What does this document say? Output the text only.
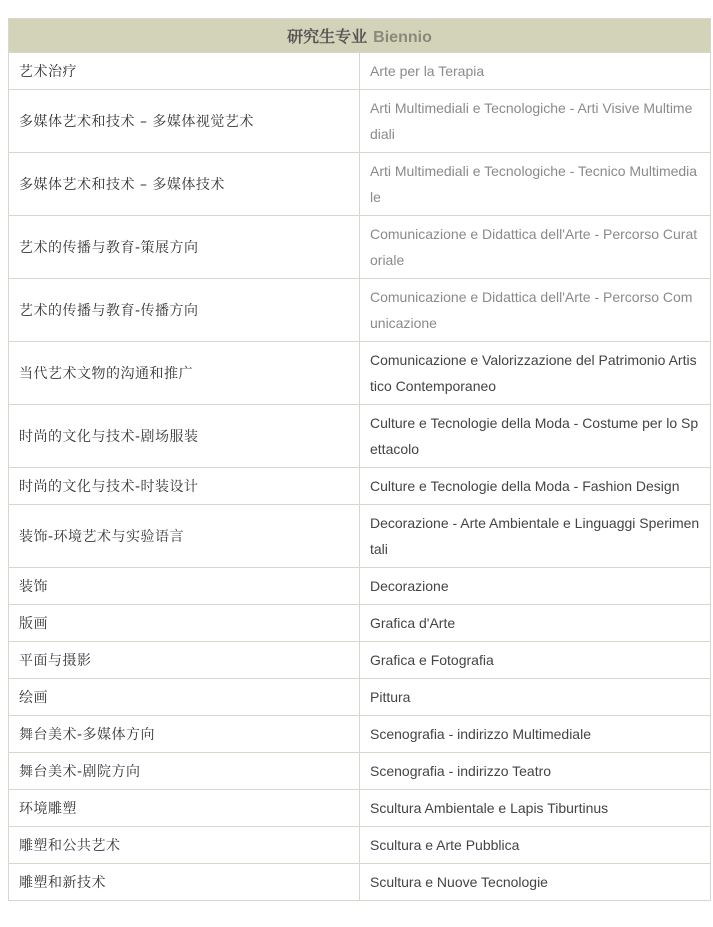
研究生专业 Biennio	
艺术治疗	Arte per la Terapia
多媒体艺术和技术 – 多媒体视觉艺术	Arti Multimediali e Tecnologiche - Arti Visive Multimediali
多媒体艺术和技术 – 多媒体技术	Arti Multimediali e Tecnologiche - Tecnico Multimediale
艺术的传播与教育-策展方向	Comunicazione e Didattica dell'Arte - Percorso Curatoriale
艺术的传播与教育-传播方向	Comunicazione e Didattica dell'Arte - Percorso Comunicazione
当代艺术文物的沟通和推广	Comunicazione e Valorizzazione del Patrimonio Artistico Contemporaneo
时尚的文化与技术-剧场服装	Culture e Tecnologie della Moda - Costume per lo Spettacolo
时尚的文化与技术-时装设计	Culture e Tecnologie della Moda - Fashion Design
装饰-环境艺术与实验语言	Decorazione - Arte Ambientale e Linguaggi Sperimentali
装饰	Decorazione
版画	Grafica d'Arte
平面与摄影	Grafica e Fotografia
绘画	Pittura
舞台美术-多媒体方向	Scenografia - indirizzo Multimediale
舞台美术-剧院方向	Scenografia - indirizzo Teatro
环境雕塑	Scultura Ambientale e Lapis Tiburtinus
雕塑和公共艺术	Scultura e Arte Pubblica
雕塑和新技术	Scultura e Nuove Tecnologie
